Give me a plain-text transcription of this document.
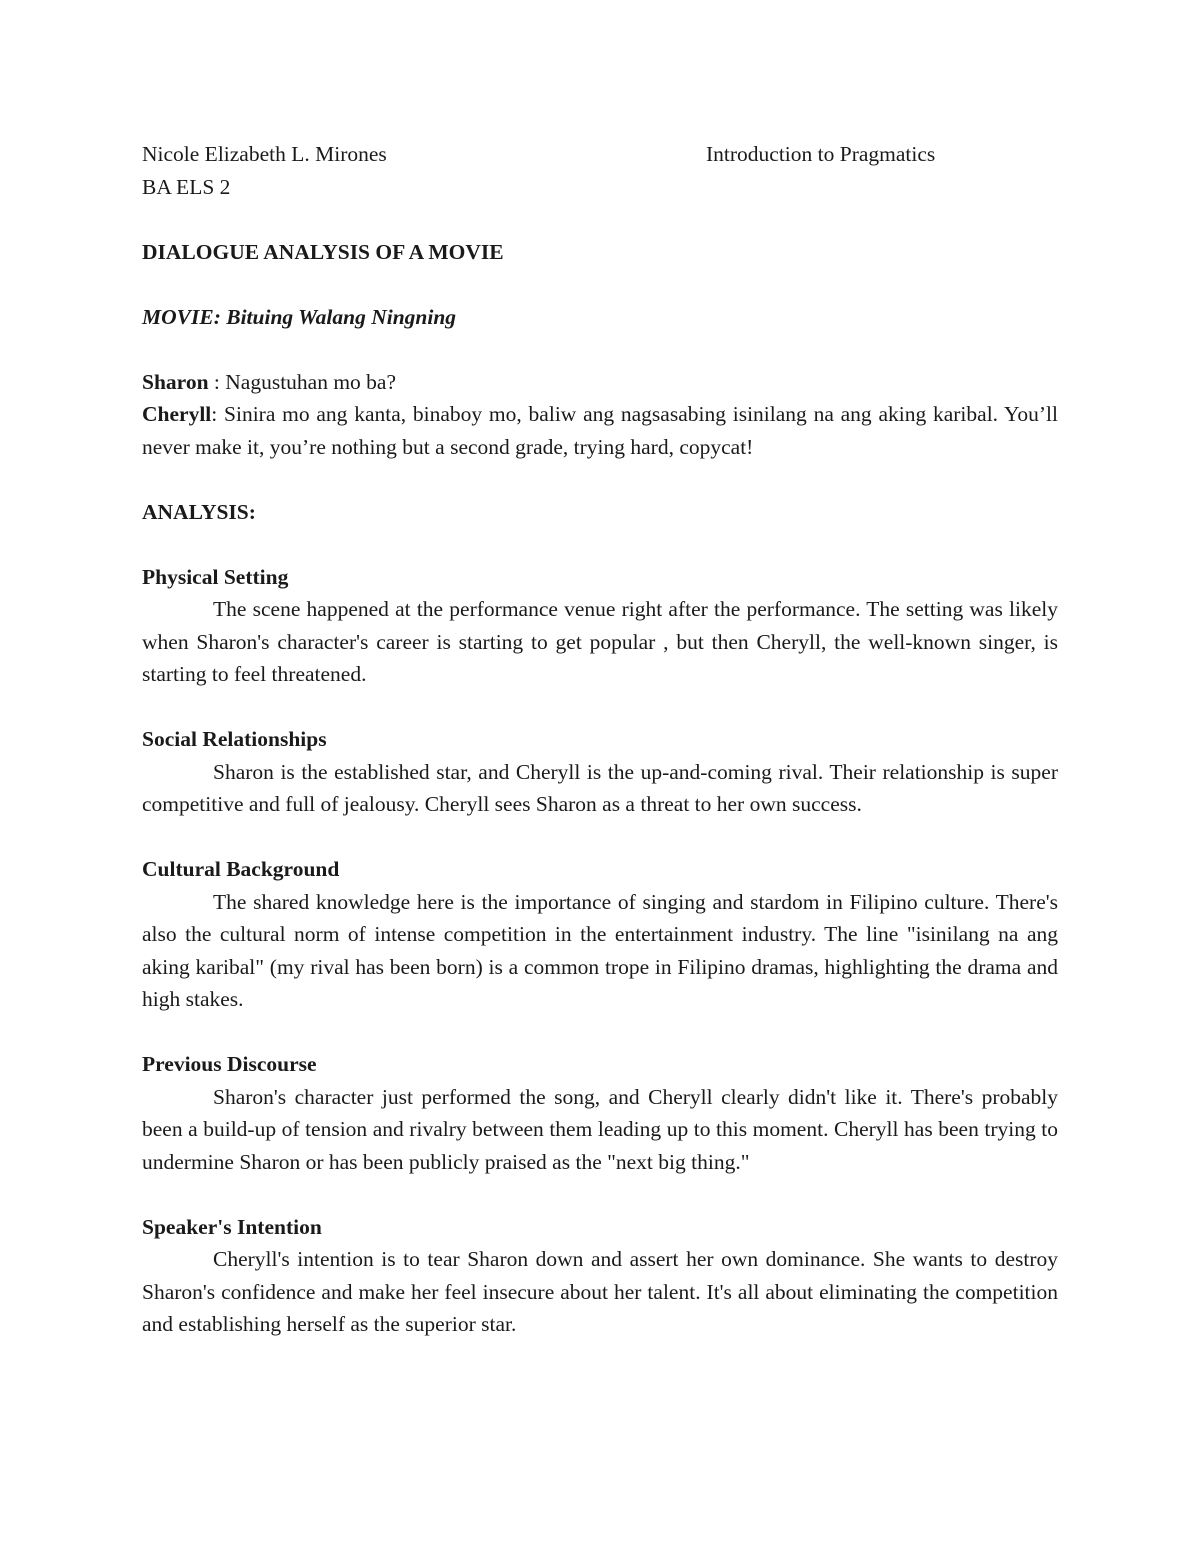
Nicole Elizabeth L. Mirones	Introduction to Pragmatics

BA ELS 2

DIALOGUE ANALYSIS OF A MOVIE

MOVIE: Bituing Walang Ningning

Sharon : Nagustuhan mo ba?

Cheryll: Sinira mo ang kanta, binaboy mo, baliw ang nagsasabing isinilang na ang aking karibal. You’ll never make it, you’re nothing but a second grade, trying hard, copycat!

ANALYSIS:

Physical Setting

The scene happened at the performance venue right after the performance. The setting was likely when Sharon's character's career is starting to get popular , but then Cheryll, the well-known singer, is starting to feel threatened.

Social Relationships

Sharon is the established star, and Cheryll is the up-and-coming rival. Their relationship is super competitive and full of jealousy. Cheryll sees Sharon as a threat to her own success.

Cultural Background

The shared knowledge here is the importance of singing and stardom in Filipino culture. There's also the cultural norm of intense competition in the entertainment industry. The line "isinilang na ang aking karibal" (my rival has been born) is a common trope in Filipino dramas, highlighting the drama and high stakes.

Previous Discourse

Sharon's character just performed the song, and Cheryll clearly didn't like it. There's probably been a build-up of tension and rivalry between them leading up to this moment. Cheryll has been trying to undermine Sharon or has been publicly praised as the "next big thing."

Speaker's Intention

Cheryll's intention is to tear Sharon down and assert her own dominance. She wants to destroy Sharon's confidence and make her feel insecure about her talent. It's all about eliminating the competition and establishing herself as the superior star.
